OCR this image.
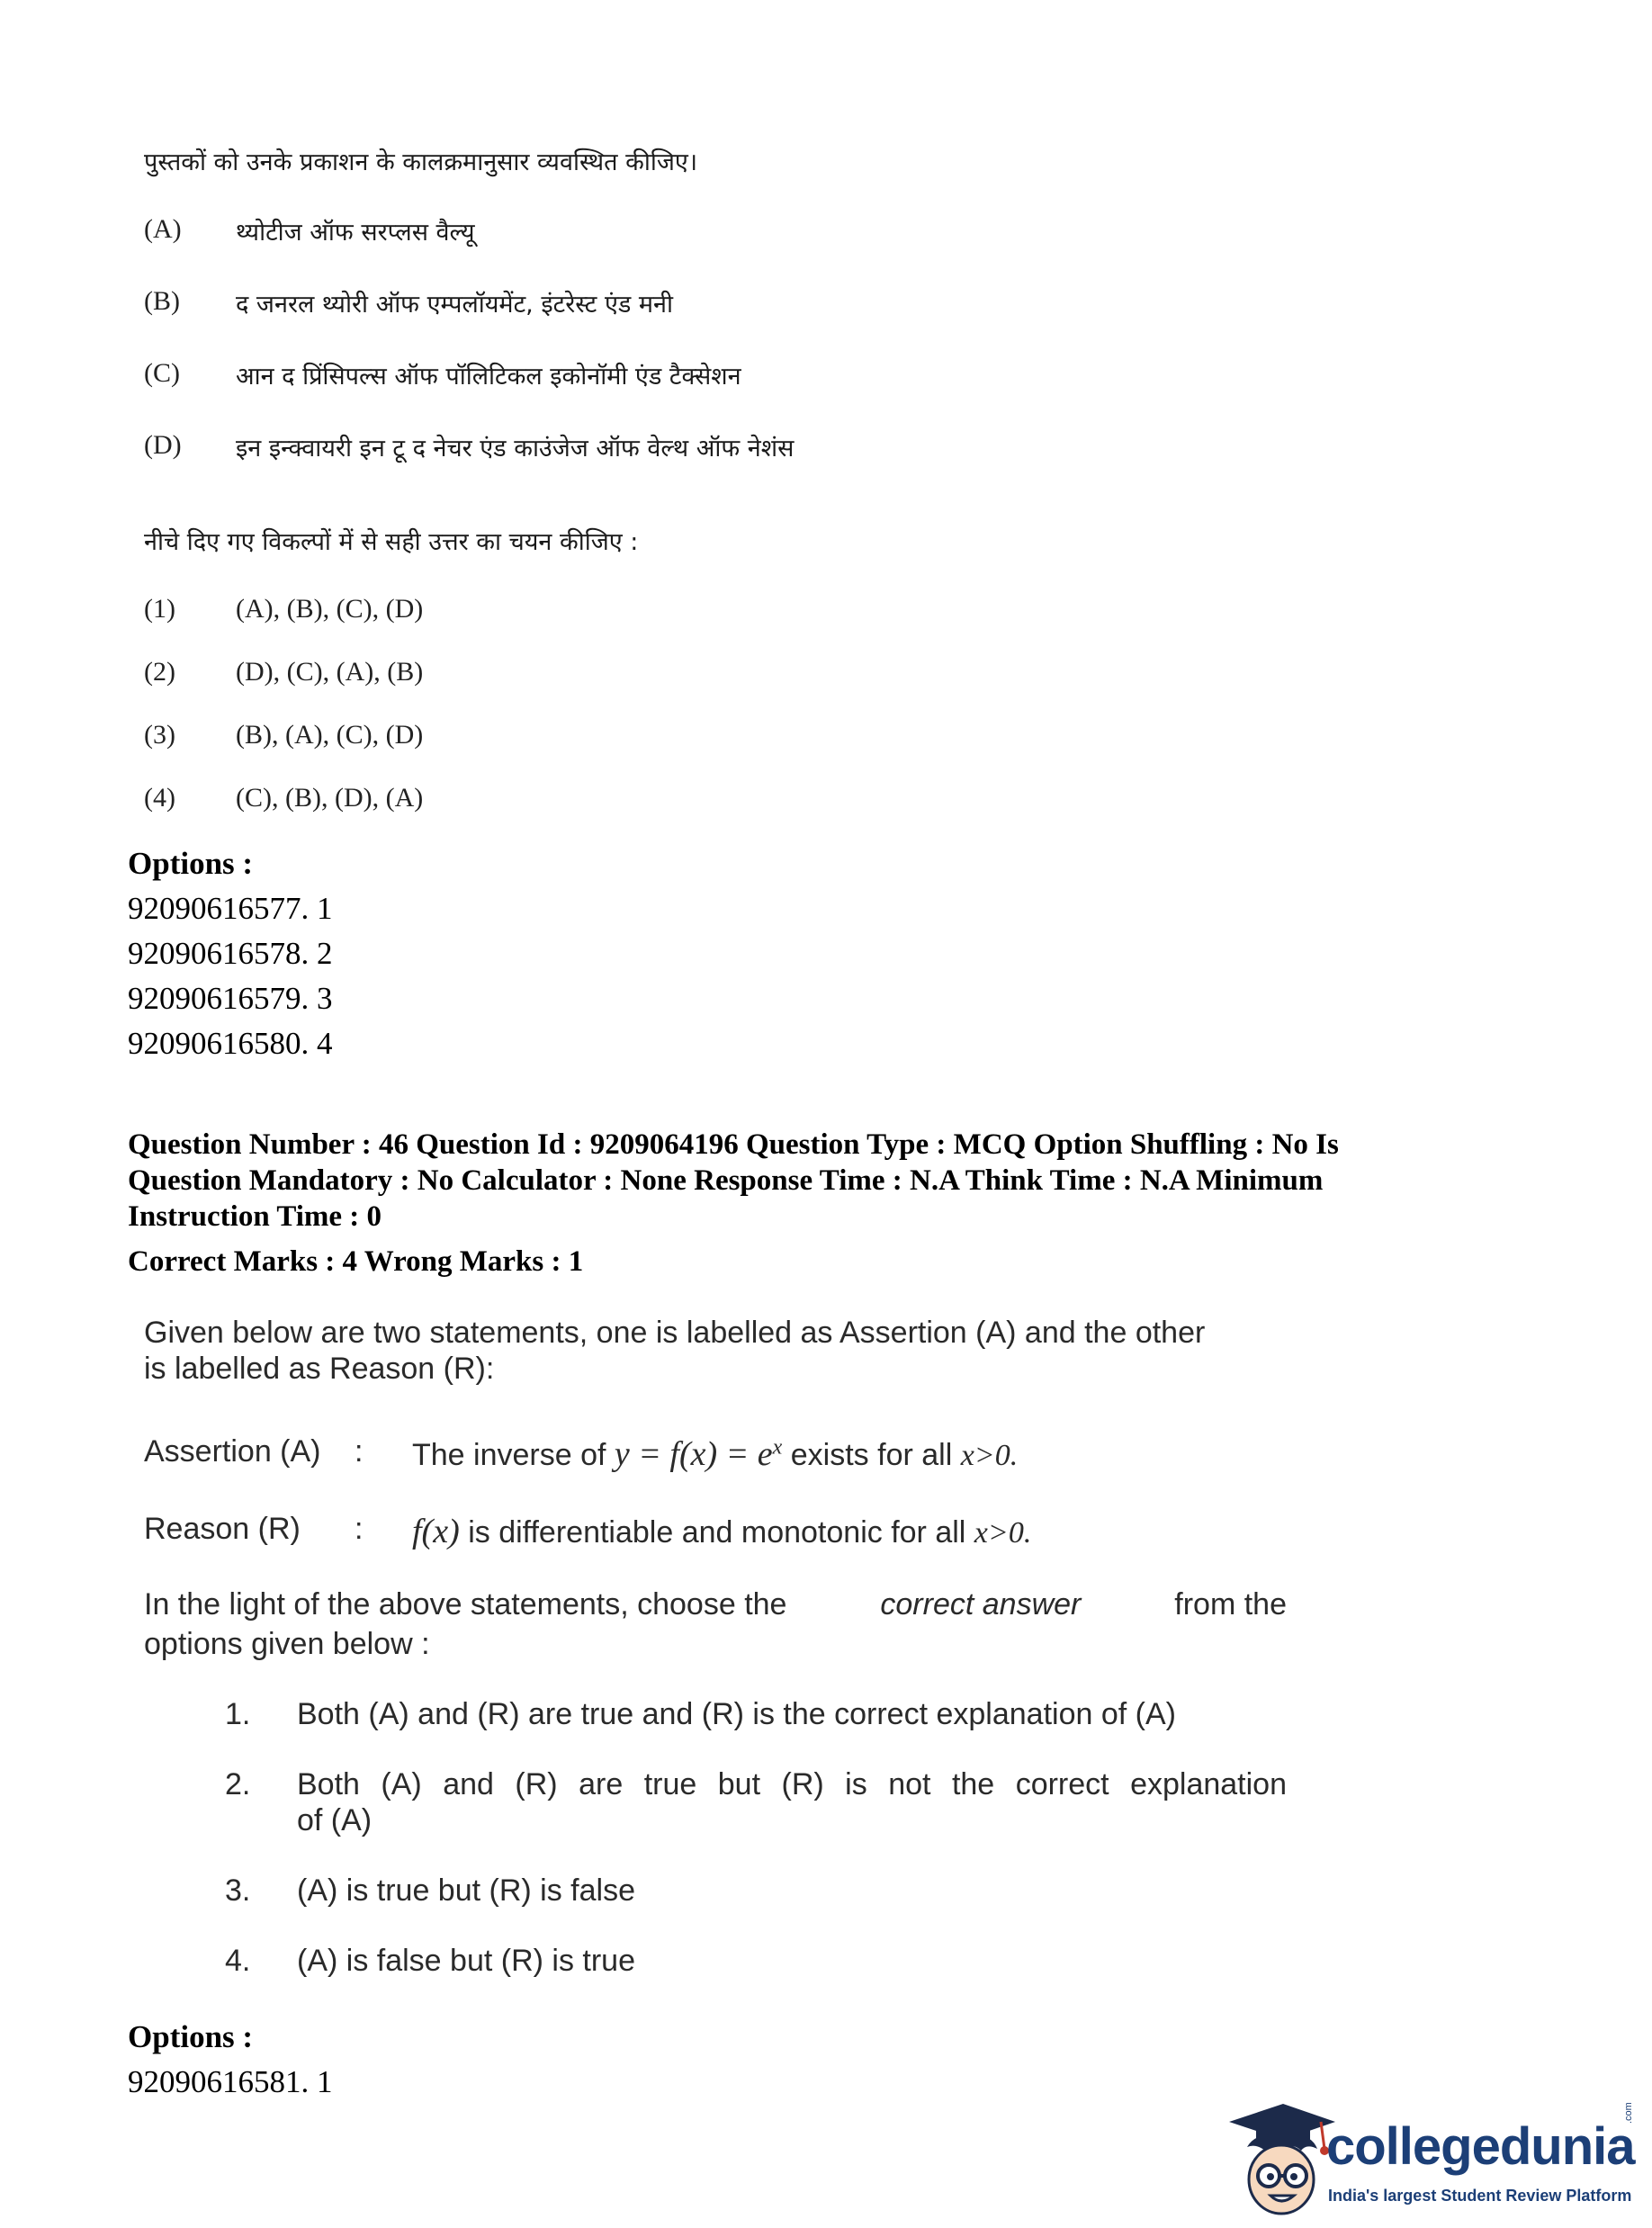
पुस्तकों को उनके प्रकाशन के कालक्रमानुसार व्यवस्थित कीजिए।
(A) थ्योटीज ऑफ सरप्लस वैल्यू
(B) द जनरल थ्योरी ऑफ एम्पलॉयमेंट, इंटरेस्ट एंड मनी
(C) आन द प्रिंसिपल्स ऑफ पॉलिटिकल इकोनॉमी एंड टैक्सेशन
(D) इन इन्क्वायरी इन टू द नेचर एंड काउंजेज ऑफ वेल्थ ऑफ नेशंस
नीचे दिए गए विकल्पों में से सही उत्तर का चयन कीजिए :
(1) (A), (B), (C), (D)
(2) (D), (C), (A), (B)
(3) (B), (A), (C), (D)
(4) (C), (B), (D), (A)
Options :
92090616577. 1
92090616578. 2
92090616579. 3
92090616580. 4
Question Number : 46 Question Id : 9209064196 Question Type : MCQ Option Shuffling : No Is
Question Mandatory : No Calculator : None Response Time : N.A Think Time : N.A Minimum
Instruction Time : 0
Correct Marks : 4 Wrong Marks : 1
Given below are two statements, one is labelled as Assertion (A) and the other
is labelled as Reason (R):
Assertion (A) : The inverse of $y = f(x) = e^x$ exists for all x>0.
Reason (R) : f(x) is differentiable and monotonic for all x>0.
In the light of the above statements, choose the	correct answer	from the
options given below :
1. Both (A) and (R) are true and (R) is the correct explanation of (A)
2. Both (A) and (R) are true but (R) is not the correct explanation
of (A)
3. (A) is true but (R) is false
4. (A) is false but (R) is true
Options :
92090616581. 1
collegedunia
.com
India's largest Student Review Platform
